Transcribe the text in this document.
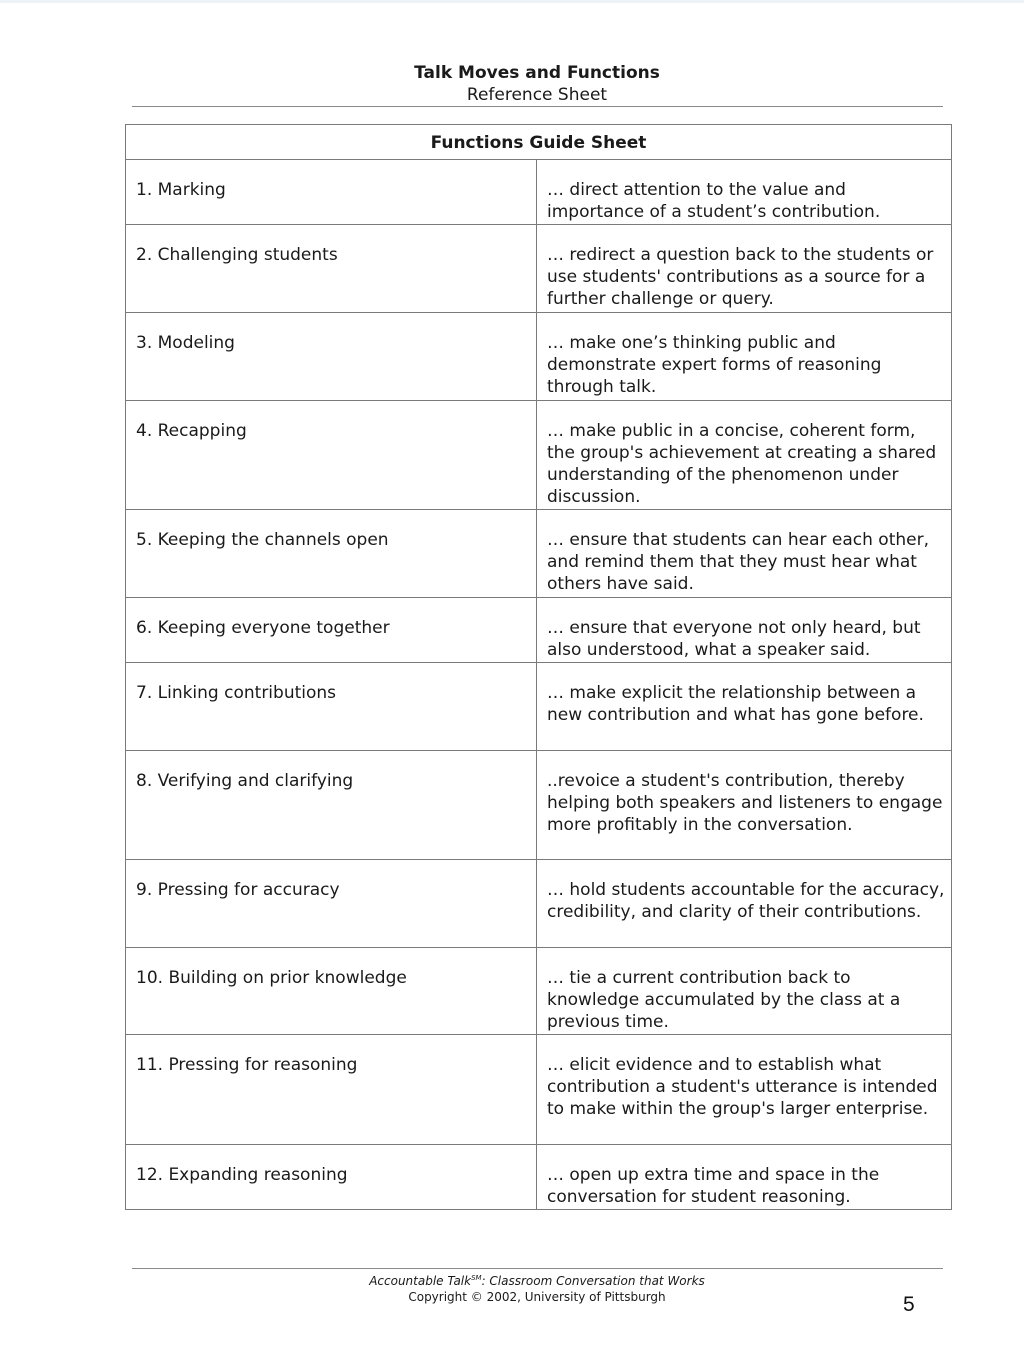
Talk Moves and Functions
Reference Sheet
Functions Guide Sheet	
1. Marking	… direct attention to the value and importance of a student’s contribution.
2. Challenging students	… redirect a question back to the students or use students' contributions as a source for a further challenge or query.
3. Modeling	… make one’s thinking public and demonstrate expert forms of reasoning through talk.
4. Recapping	… make public in a concise, coherent form, the group's achievement at creating a shared understanding of the phenomenon under discussion.
5. Keeping the channels open	… ensure that students can hear each other, and remind them that they must hear what others have said.
6. Keeping everyone together	… ensure that everyone not only heard, but also understood, what a speaker said.
7. Linking contributions	… make explicit the relationship between a new contribution and what has gone before.
8. Verifying and clarifying	..revoice a student's contribution, thereby helping both speakers and listeners to engage more profitably in the conversation.
9. Pressing for accuracy	… hold students accountable for the accuracy, credibility, and clarity of their contributions.
10. Building on prior knowledge	… tie a current contribution back to knowledge accumulated by the class at a previous time.
11. Pressing for reasoning	… elicit evidence and to establish what contribution a student's utterance is intended to make within the group's larger enterprise.
12. Expanding reasoning	… open up extra time and space in the conversation for student reasoning.
Accountable Talk℠: Classroom Conversation that Works
Copyright © 2002, University of Pittsburgh	5
